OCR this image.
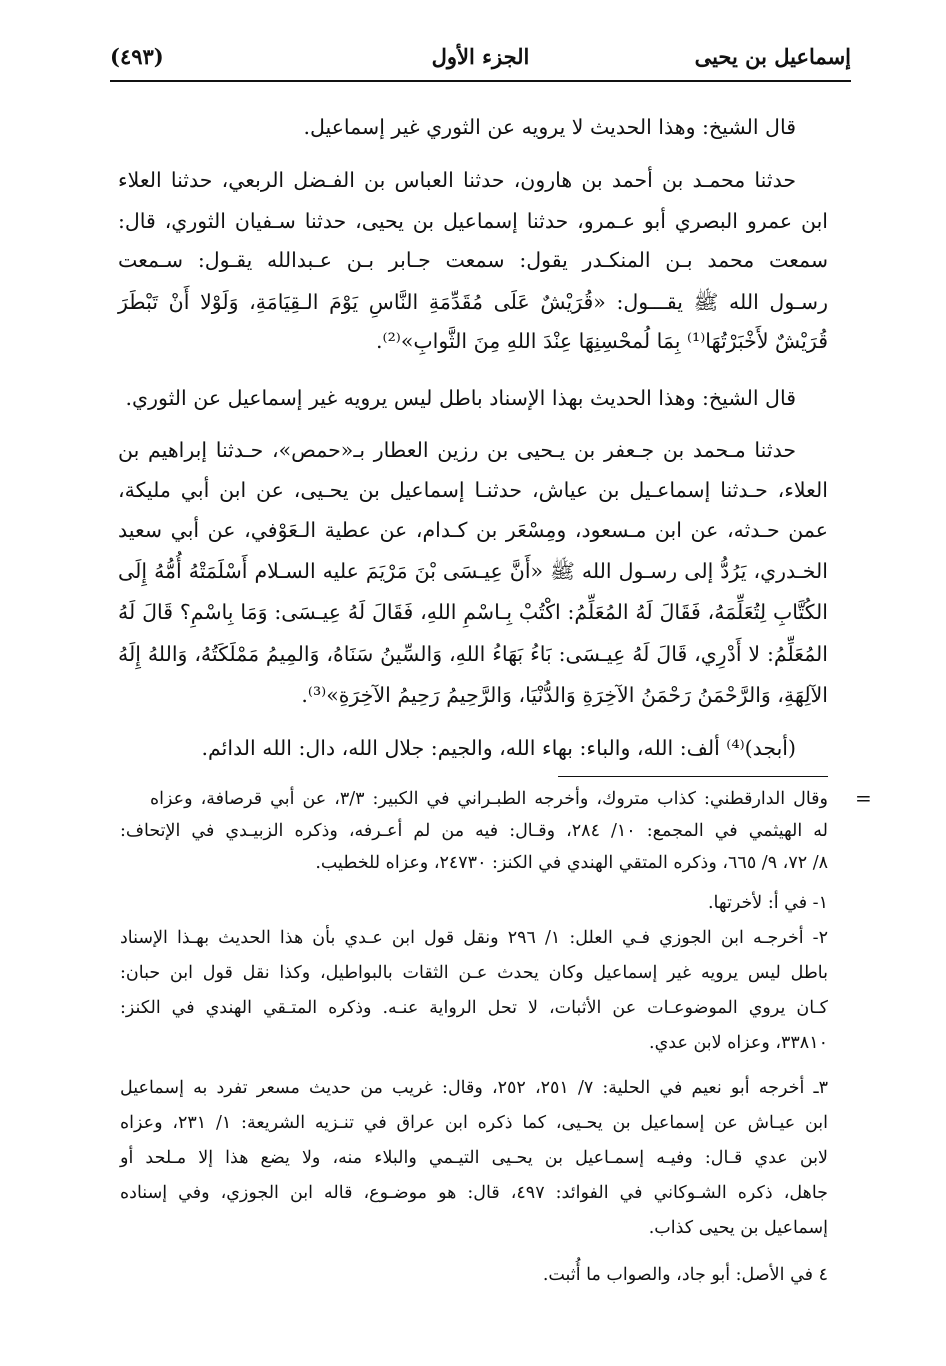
إسماعيل بن يحيى
الجزء الأول
(٤٩٣)
قال الشيخ: وهذا الحديث لا يرويه عن الثوري غير إسماعيل.
حدثنا محمـد بن أحمد بن هارون، حدثنا العباس بن الفـضل الربعي، حدثنا العلاء
ابن عمرو البصري أبو عـمرو، حدثنا إسماعيل بن يحيى، حدثنا سـفيان الثوري، قال:
سمعت محمد بـن المنكـدر يقول: سمعت جـابر بـن عـبدالله يقـول: سـمعت
رسـول الله ﷺ يقـــول: «قُرَيْشٌ عَلَى مُقَدِّمَةِ النَّاسِ يَوْمَ الـقِيَامَةِ، وَلَوْلا أَنْ تَبْطَرَ
قُرَيْشٌ لأَخْبَرْتُهَا⁽¹⁾ بِمَا لُمحْسِنِهَا عِنْدَ اللهِ مِنَ الثَّوابِ»⁽²⁾.
قال الشيخ: وهذا الحديث بهذا الإسناد باطل ليس يرويه غير إسماعيل عن الثوري.
حدثنا مـحمد بن جـعفر بن يـحيى بن رزين العطار بـ«حمص»، حـدثنا إبراهيم بن
العلاء، حـدثنا إسماعـيل بن عياش، حدثنـا إسماعيل بن يحـيى، عن ابن أبي مليكة،
عمن حـدثه، عن ابن مـسعود، ومِسْعَر بن كـدام، عن عطية الـعَوْفي، عن أبي سعيد
الخـدري، يَرُدُّ إلى رسـول الله ﷺ «أَنَّ عِيـسَى بْنَ مَرْيَمَ عليه السـلام أَسْلَمَتْهُ أُمُّهُ إِلَى
الكُتَّابِ لِتُعَلِّمَهُ، فَقَالَ لَهُ المُعَلِّمُ: اكْتُبْ بِـاسْمِ اللهِ، فَقَالَ لَهُ عِيـسَى: وَمَا بِاسْمِ؟ قَالَ لَهُ
المُعَلِّمُ: لا أَدْرِي، قَالَ لَهُ عِيـسَى: بَاءُ بَهَاءُ اللهِ، وَالسِّينُ سَنَاهُ، وَالمِيمُ مَمْلَكَتُهُ، وَاللهُ إِلَهُ
الآلِهَةِ، وَالرَّحْمَنُ رَحْمَنُ الآخِرَةِ وَالدُّنْيَا، وَالرَّحِيمُ رَحِيمُ الآخِرَةِ»⁽³⁾.
(أبجد)⁽⁴⁾ ألف: الله، والباء: بهاء الله، والجيم: جلال الله، دال: الله الدائم.
=
وقال الدارقطني: كذاب متروك، وأخرجه الطبـراني في الكبير: ٣/٣، عن أبي قرصافة، وعزاه
له الهيثمي في المجمع: ١٠/ ٢٨٤، وقـال: فيه من لم أعـرفه، وذكره الزبيـدي في الإتحاف:
٨/ ٧٢، ٩/ ٦٦٥، وذكره المتقي الهندي في الكنز: ٢٤٧٣٠، وعزاه للخطيب.
١- في أ: لأخرتها.
٢- أخرجـه ابن الجوزي فـي العلل: ١/ ٢٩٦ ونقل قول ابن عـدي بأن هذا الحديث بهـذا الإسناد
باطل ليس يرويه غير إسماعيل وكان يحدث عـن الثقات بالبواطيل، وكذا نقل قول ابن حبان:
كـان يروي الموضوعـات عن الأثبات، لا تحل الرواية عنـه. وذكره المتـقي الهندي في الكنز:
٣٣٨١٠، وعزاه لابن عدي.
٣ـ أخرجه أبو نعيم في الحلية: ٧/ ٢٥١، ٢٥٢، وقال: غريب من حديث مسعر تفرد به إسماعيل
ابن عيـاش عن إسماعيل بن يحـيى، كما ذكره ابن عراق في تنـزيه الشريعة: ١/ ٢٣١، وعزاه
لابن عدي قـال: وفيـه إسمـاعيل بن يحـيى التيـمي والبلاء منه، ولا يضع هذا إلا مـلحد أو
جاهل، ذكره الشـوكاني في الفوائد: ٤٩٧، قال: هو موضـوع، قاله ابن الجوزي، وفي إسناده
إسماعيل بن يحيى كذاب.
٤ في الأصل: أبو جاد، والصواب ما أُثبت.
